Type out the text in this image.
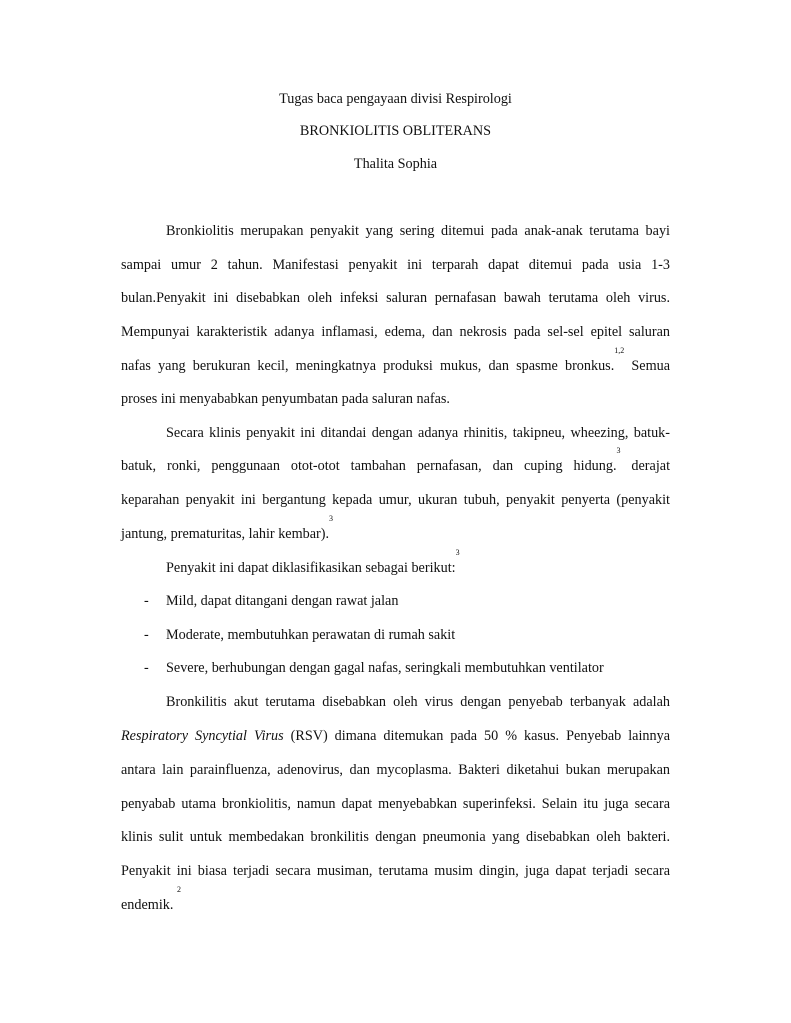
Tugas baca pengayaan divisi Respirologi
BRONKIOLITIS OBLITERANS
Thalita Sophia
Bronkiolitis merupakan penyakit yang sering ditemui pada anak-anak terutama bayi
sampai umur 2 tahun. Manifestasi penyakit ini terparah dapat ditemui pada usia 1-3
bulan.Penyakit ini disebabkan oleh infeksi saluran pernafasan bawah terutama oleh virus.
Mempunyai karakteristik adanya inflamasi, edema, dan nekrosis pada sel-sel epitel saluran
nafas yang berukuran kecil, meningkatnya produksi mukus, dan spasme bronkus.$^{1,2}$ Semua
proses ini menyababkan penyumbatan pada saluran nafas.
Secara klinis penyakit ini ditandai dengan adanya rhinitis, takipneu, wheezing, batuk-
batuk, ronki, penggunaan otot-otot tambahan pernafasan, dan cuping hidung.$^3$ derajat
keparahan penyakit ini bergantung kepada umur, ukuran tubuh, penyakit penyerta (penyakit
jantung, prematuritas, lahir kembar).$^3$
Penyakit ini dapat diklasifikasikan sebagai berikut:$^3$
- Mild, dapat ditangani dengan rawat jalan
- Moderate, membutuhkan perawatan di rumah sakit
- Severe, berhubungan dengan gagal nafas, seringkali membutuhkan ventilator
Bronkilitis akut terutama disebabkan oleh virus dengan penyebab terbanyak adalah
Respiratory Syncytial Virus (RSV) dimana ditemukan pada 50 % kasus. Penyebab lainnya
antara lain parainfluenza, adenovirus, dan mycoplasma. Bakteri diketahui bukan merupakan
penyabab utama bronkiolitis, namun dapat menyebabkan superinfeksi. Selain itu juga secara
klinis sulit untuk membedakan bronkilitis dengan pneumonia yang disebabkan oleh bakteri.
Penyakit ini biasa terjadi secara musiman, terutama musim dingin, juga dapat terjadi secara
endemik. $^2$
